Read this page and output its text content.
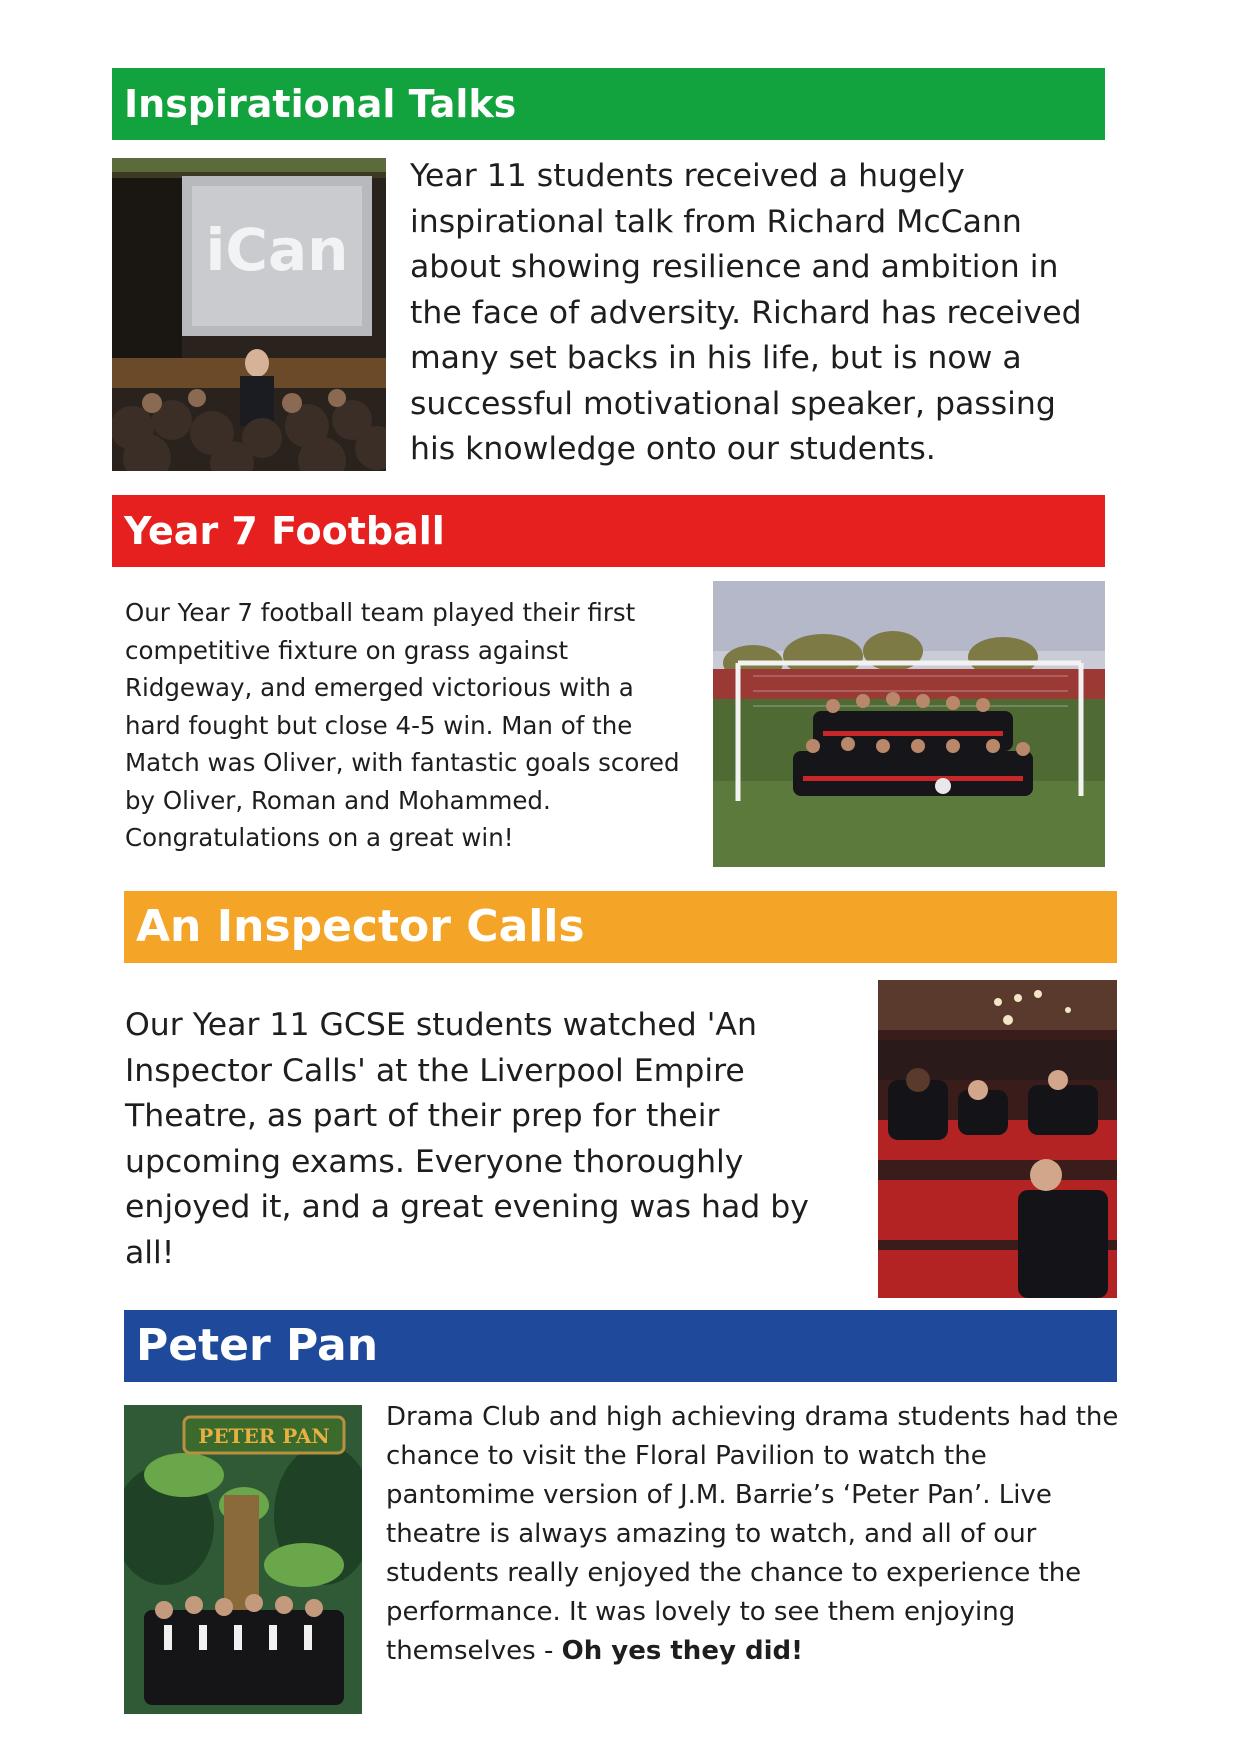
Inspirational Talks
iCan
Year 11 students received a hugely inspirational talk from Richard McCann about showing resilience and ambition in the face of adversity. Richard has received many set backs in his life, but is now a successful motivational speaker, passing his knowledge onto our students.
Year 7 Football
Our Year 7 football team played their first competitive fixture on grass against Ridgeway, and emerged victorious with a hard fought but close 4-5 win. Man of the Match was Oliver, with fantastic goals scored by Oliver, Roman and Mohammed. Congratulations on a great win!
An Inspector Calls
Our Year 11 GCSE students watched 'An Inspector Calls' at the Liverpool Empire Theatre, as part of their prep for their upcoming exams. Everyone thoroughly enjoyed it, and a great evening was had by all!
Peter Pan
PETER PAN
Drama Club and high achieving drama students had the chance to visit the Floral Pavilion to watch the pantomime version of J.M. Barrie’s ‘Peter Pan’. Live theatre is always amazing to watch, and all of our students really enjoyed the chance to experience the performance. It was lovely to see them enjoying themselves - Oh yes they did!
